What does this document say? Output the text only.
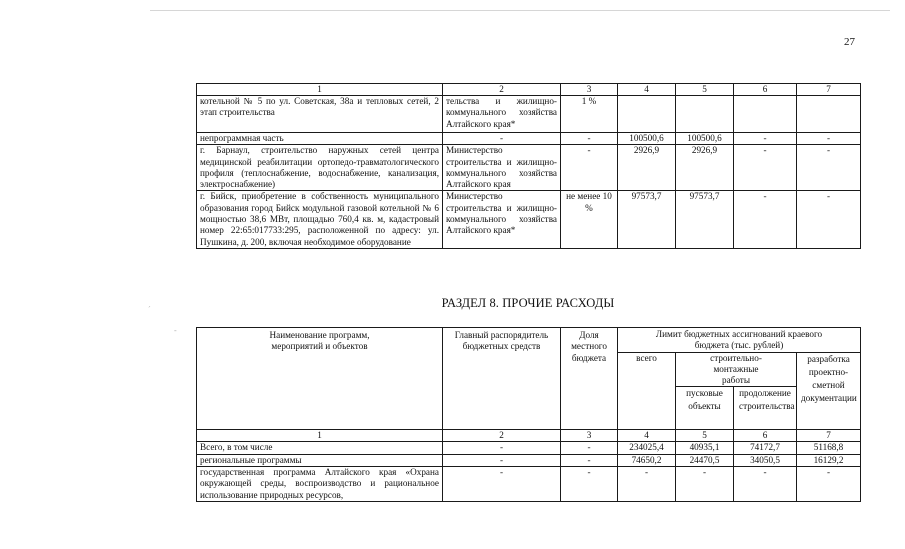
´
-
27
1	2	3	4	5	6	7
котельной № 5 по ул. Советская, 38а и тепловых сетей, 2 этап строительства	тельства и жилищно-коммунального хозяйства Алтайского края*	1 %				
непрограммная часть	-	-	100500,6	100500,6	-	-
г. Барнаул, строительство наружных сетей центра медицинской реабилитации ортопедо-травматологического профиля (теплоснабжение, водоснабжение, канализация, электроснабжение)	Министерство строительства и жилищно-коммунального хозяйства Алтайского края	-	2926,9	2926,9	-	-
г. Бийск, приобретение в собственность муниципального образования город Бийск модульной газовой котельной № 6 мощностью 38,6 МВт, площадью 760,4 кв. м, кадастровый номер 22:65:017733:295, расположенной по адресу: ул. Пушкина, д. 200, включая необходимое оборудование	Министерство строительства и жилищно-коммунального хозяйства Алтайского края*	не менее 10 %	97573,7	97573,7	-	-
РАЗДЕЛ 8. ПРОЧИЕ РАСХОДЫ
Наименование программ, мероприятий и объектов	Главный распорядитель бюджетных средств	Доля местного бюджета	Лимит бюджетных ассигнований краевого бюджета (тыс. рублей)			
			всего	строительно-монтажные работы		разработка проектно-сметной документации
				пусковые объекты	продолжение строительства	
1	2	3	4	5	6	7
Всего, в том числе	-	-	234025,4	40935,1	74172,7	51168,8
региональные программы	-	-	74650,2	24470,5	34050,5	16129,2
государственная программа Алтайского края «Охрана окружающей среды, воспроизводство и рациональное использование природных ресурсов,	-	-	-	-	-	-
